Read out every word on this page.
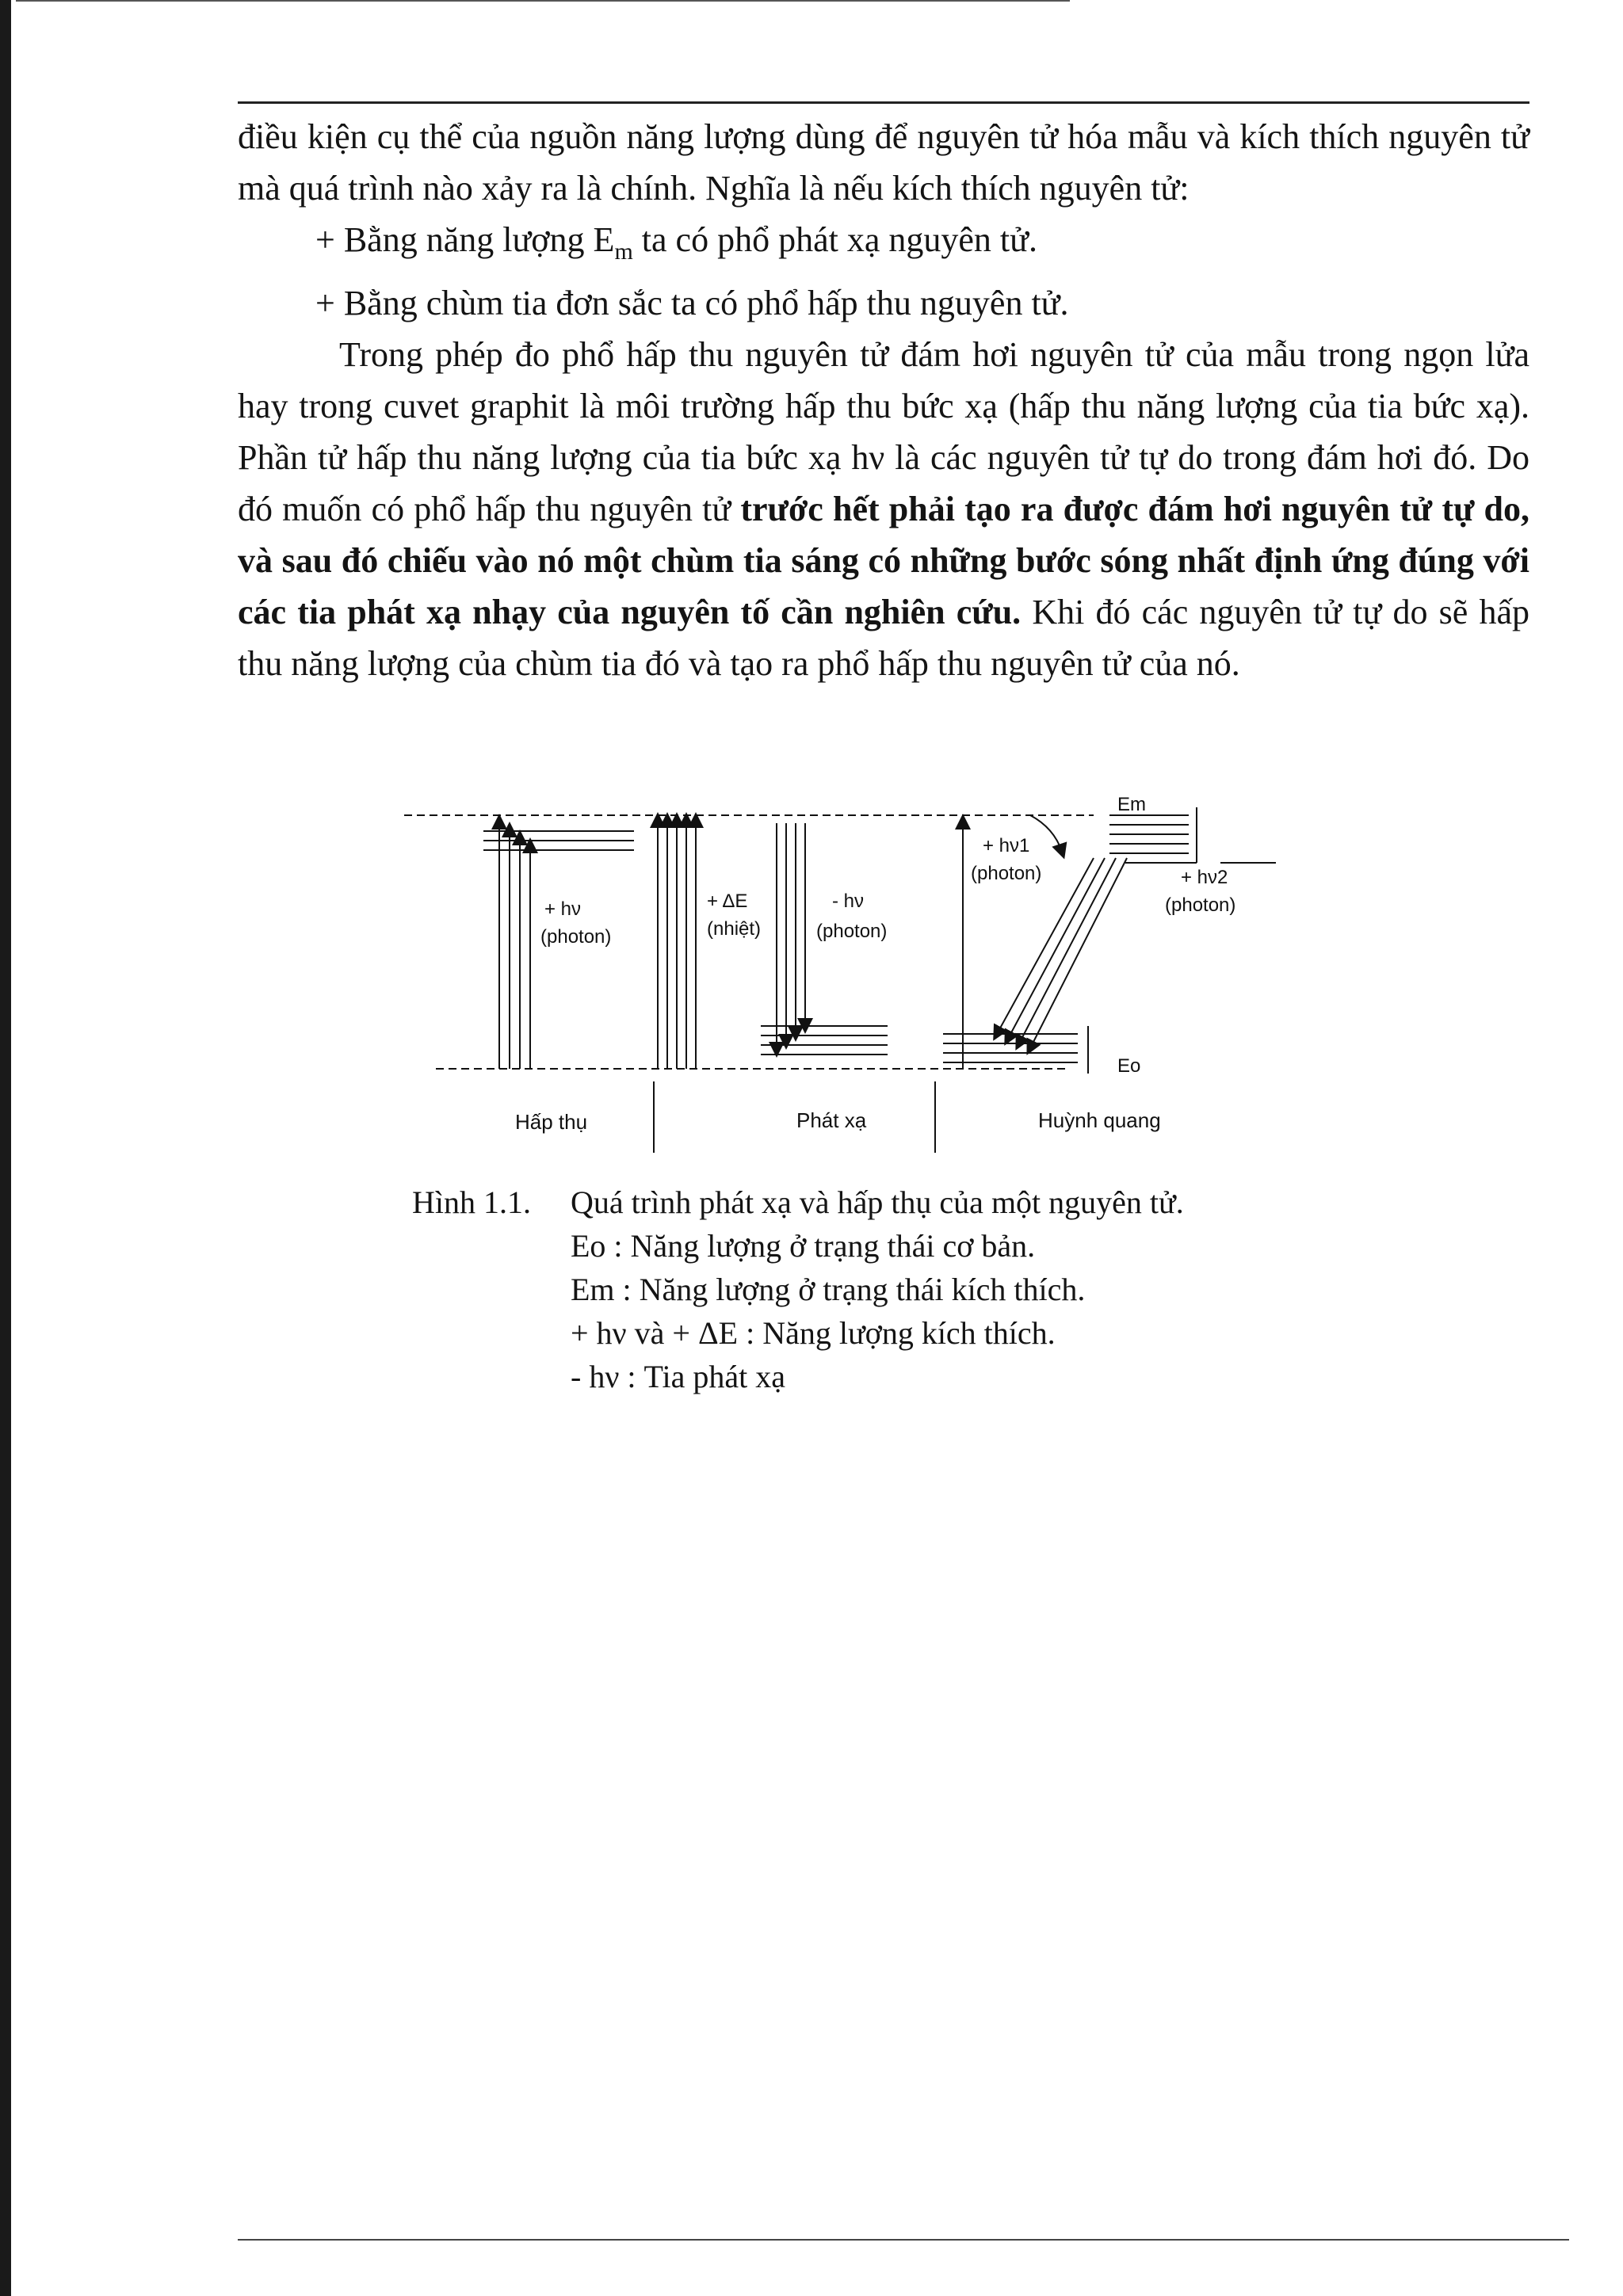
điều kiện cụ thể của nguồn năng lượng dùng để nguyên tử hóa mẫu và kích thích nguyên tử mà quá trình nào xảy ra là chính. Nghĩa là nếu kích thích nguyên tử:

+ Bằng năng lượng $E_m$ ta có phổ phát xạ nguyên tử.

+ Bằng chùm tia đơn sắc ta có phổ hấp thu nguyên tử.

Trong phép đo phổ hấp thu nguyên tử đám hơi nguyên tử của mẫu trong ngọn lửa hay trong cuvet graphit là môi trường hấp thu bức xạ (hấp thu năng lượng của tia bức xạ). Phần tử hấp thu năng lượng của tia bức xạ hν là các nguyên tử tự do trong đám hơi đó. Do đó muốn có phổ hấp thu nguyên tử trước hết phải tạo ra được đám hơi nguyên tử tự do, và sau đó chiếu vào nó một chùm tia sáng có những bước sóng nhất định ứng đúng với các tia phát xạ nhạy của nguyên tố cần nghiên cứu. Khi đó các nguyên tử tự do sẽ hấp thu năng lượng của chùm tia đó và tạo ra phổ hấp thu nguyên tử của nó.

+ hν
(photon)
+ ΔE
(nhiệt)
- hν
(photon)
+ hν1
(photon)	+ hν2
(photon)
Em
Eo
Hấp thụ	Phát xạ	Huỳnh quang
Hình 1.1.	Quá trình phát xạ và hấp thụ của một nguyên tử.
Eo : Năng lượng ở trạng thái cơ bản.
Em : Năng lượng ở trạng thái kích thích.
+ hν và + ΔE : Năng lượng kích thích.
- hν : Tia phát xạ
